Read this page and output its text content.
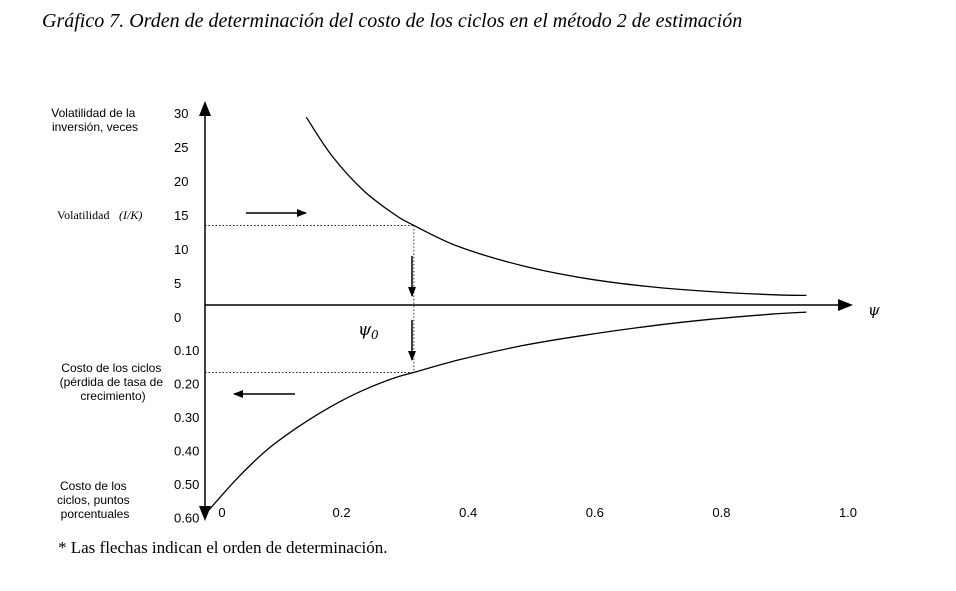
Gráfico 7. Orden de determinación del costo de los ciclos en el método 2 de estimación
ψ
Volatilidad de la inversión, veces
Costo de los ciclos (pérdida de tasa de crecimiento)
Costo de los ciclos, puntos porcentuales
Volatilidad (I/K)
30
25
20
15
10
5
0
0.10
0.20
0.30
0.40
0.50
0.60 0	0.2	0.4	0.6	0.8	1.0
ψ 0
* Las flechas indican el orden de determinación.
